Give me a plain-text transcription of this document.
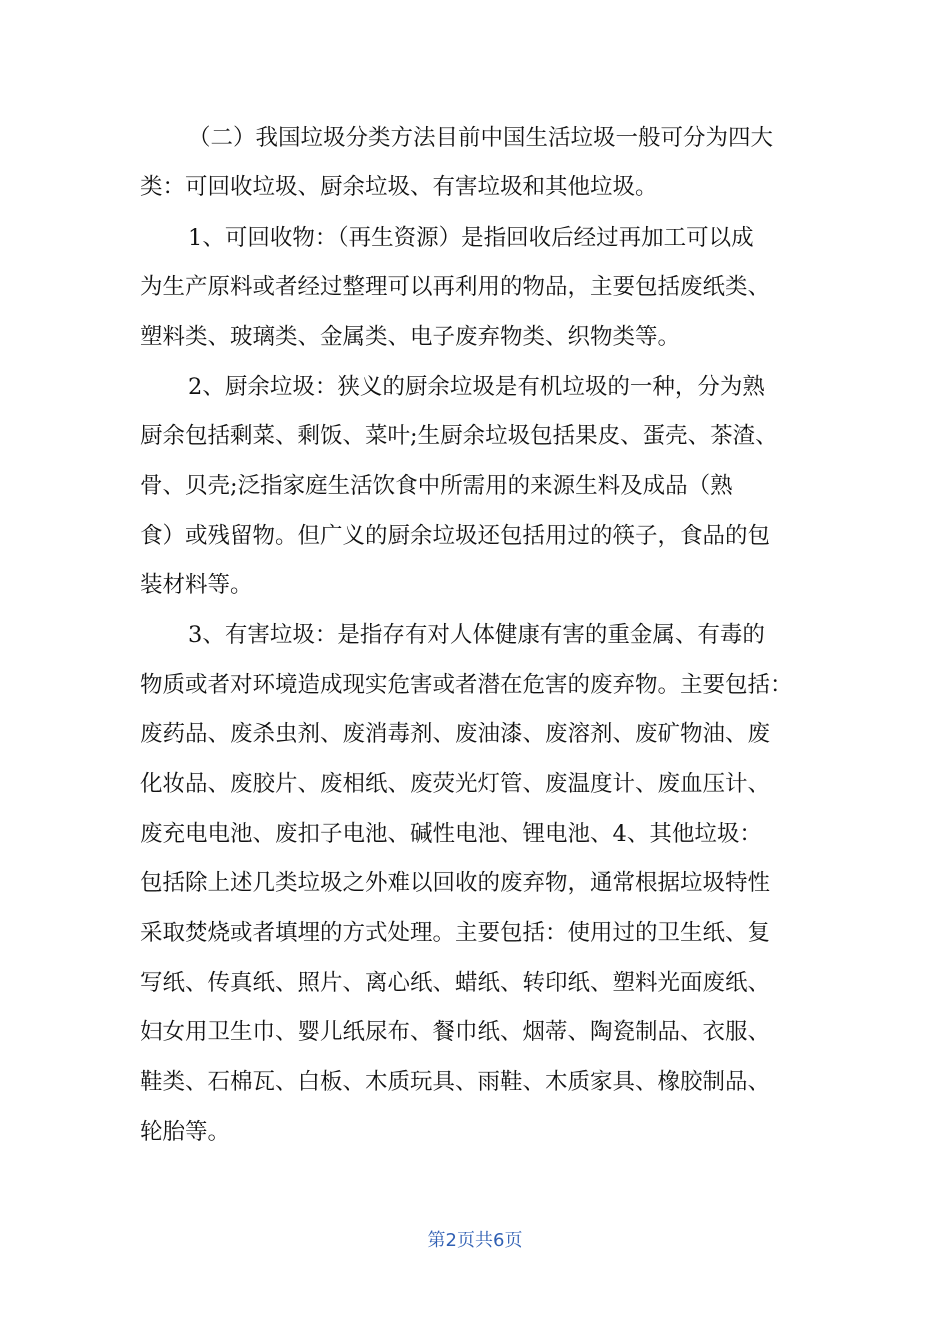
（二）我国垃圾分类方法目前中国生活垃圾一般可分为四大
类：可回收垃圾、厨余垃圾、有害垃圾和其他垃圾。
1、可回收物：（再生资源）是指回收后经过再加工可以成
为生产原料或者经过整理可以再利用的物品，主要包括废纸类、
塑料类、玻璃类、金属类、电子废弃物类、织物类等。
2、厨余垃圾：狭义的厨余垃圾是有机垃圾的一种，分为熟
厨余包括剩菜、剩饭、菜叶;生厨余垃圾包括果皮、蛋壳、茶渣、
骨、贝壳;泛指家庭生活饮食中所需用的来源生料及成品（熟
食）或残留物。但广义的厨余垃圾还包括用过的筷子，食品的包
装材料等。
3、有害垃圾：是指存有对人体健康有害的重金属、有毒的
物质或者对环境造成现实危害或者潜在危害的废弃物。主要包括：
废药品、废杀虫剂、废消毒剂、废油漆、废溶剂、废矿物油、废
化妆品、废胶片、废相纸、废荧光灯管、废温度计、废血压计、
废充电电池、废扣子电池、碱性电池、锂电池、4、其他垃圾：
包括除上述几类垃圾之外难以回收的废弃物，通常根据垃圾特性
采取焚烧或者填埋的方式处理。主要包括：使用过的卫生纸、复
写纸、传真纸、照片、离心纸、蜡纸、转印纸、塑料光面废纸、
妇女用卫生巾、婴儿纸尿布、餐巾纸、烟蒂、陶瓷制品、衣服、
鞋类、石棉瓦、白板、木质玩具、雨鞋、木质家具、橡胶制品、
轮胎等。
第2页共6页
